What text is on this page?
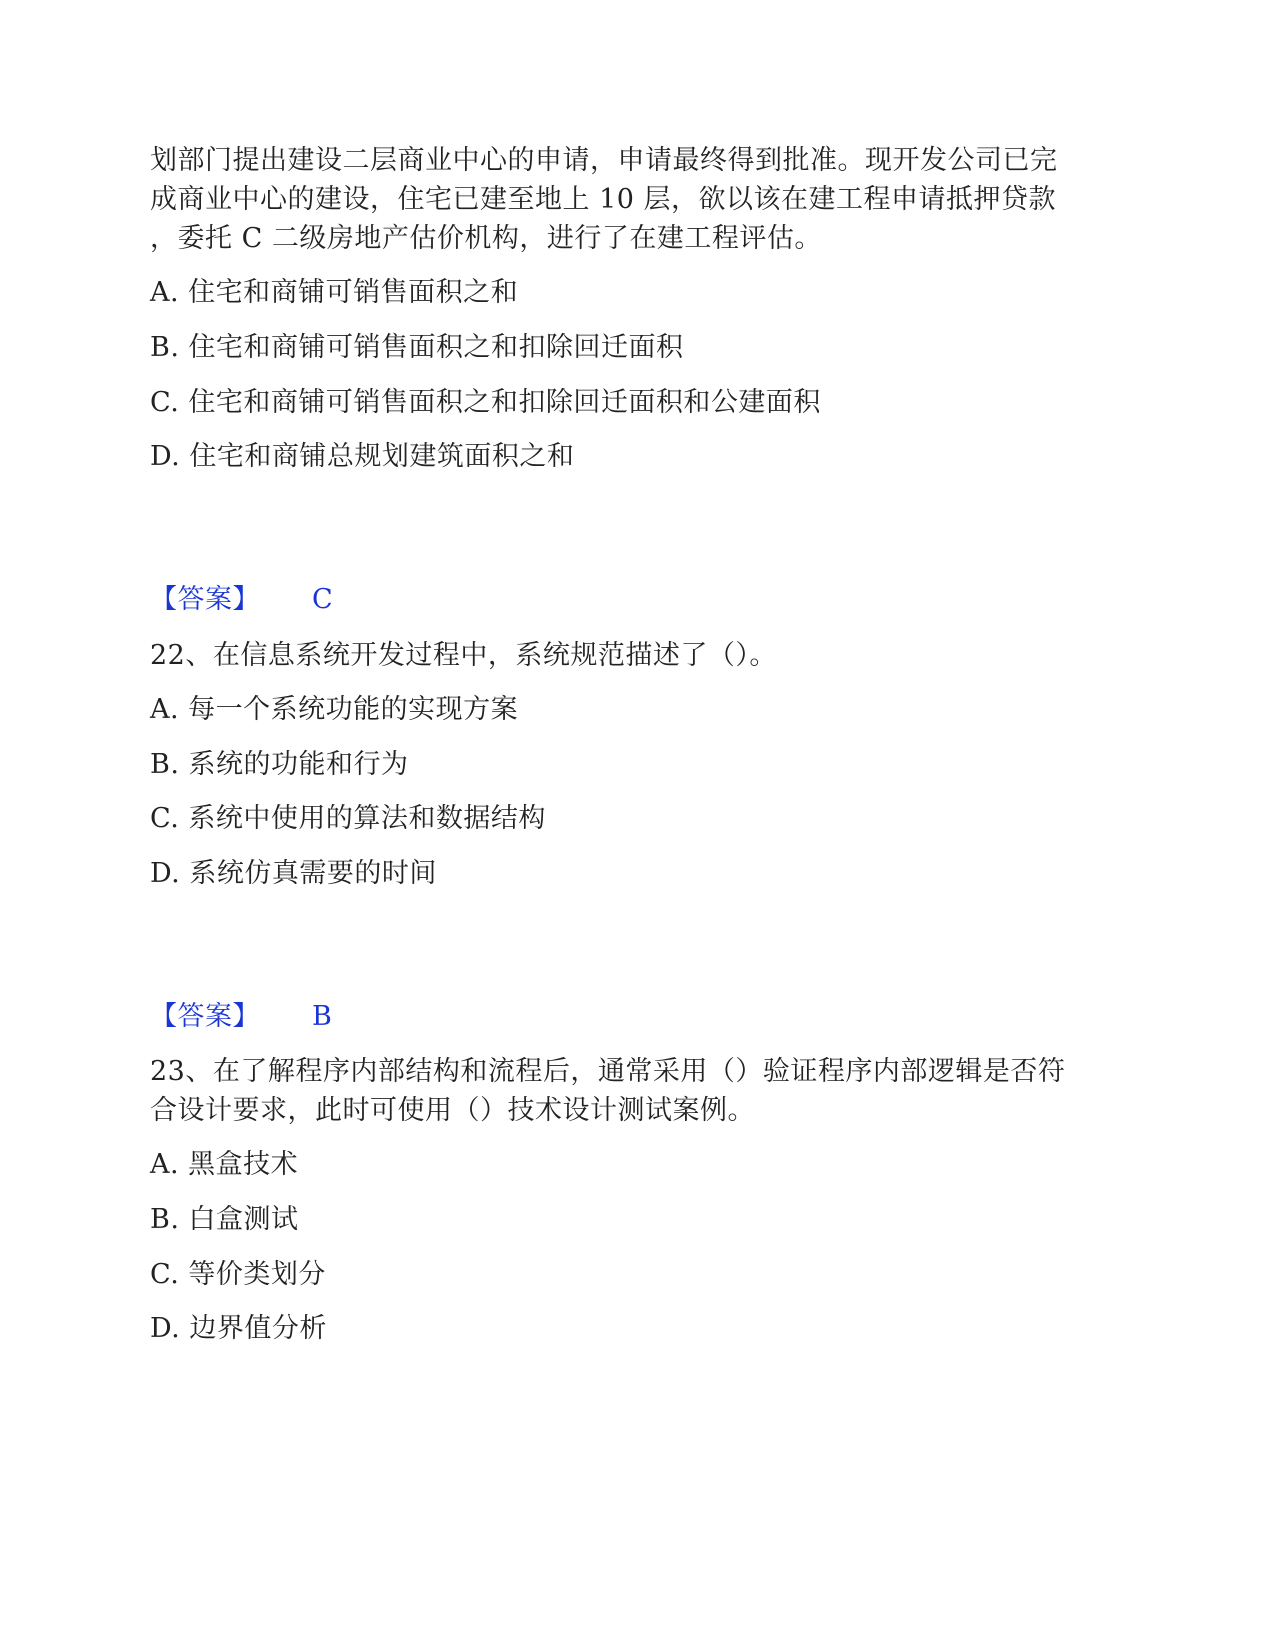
划部门提出建设二层商业中心的申请，申请最终得到批准。现开发公司已完
成商业中心的建设，住宅已建至地上 10 层，欲以该在建工程申请抵押贷款
，委托 C 二级房地产估价机构，进行了在建工程评估。
A. 住宅和商铺可销售面积之和
B. 住宅和商铺可销售面积之和扣除回迁面积
C. 住宅和商铺可销售面积之和扣除回迁面积和公建面积
D. 住宅和商铺总规划建筑面积之和
【答案】 C
22、在信息系统开发过程中，系统规范描述了（）。
A. 每一个系统功能的实现方案
B. 系统的功能和行为
C. 系统中使用的算法和数据结构
D. 系统仿真需要的时间
【答案】 B
23、在了解程序内部结构和流程后，通常采用（）验证程序内部逻辑是否符
合设计要求，此时可使用（）技术设计测试案例。
A. 黑盒技术
B. 白盒测试
C. 等价类划分
D. 边界值分析
